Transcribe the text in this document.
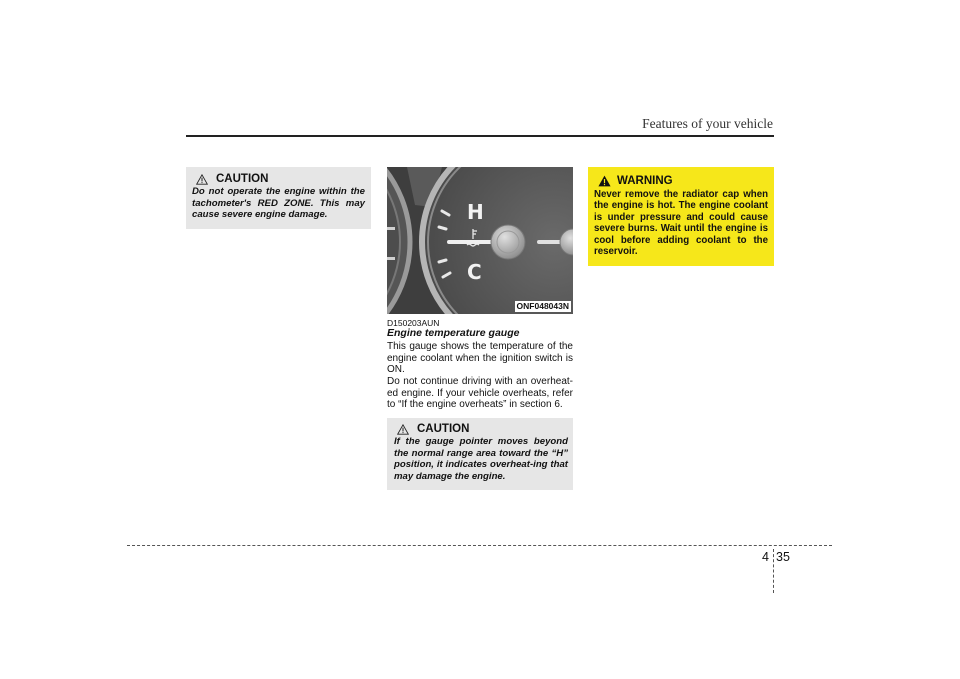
Features of your vehicle
CAUTION
Do not operate the engine within the tachometer's RED ZONE. This may cause severe engine damage.	H
C
ONF048043N
D150203AUN
Engine temperature gauge
This gauge shows the temperature of the engine coolant when the ignition switch is ON.
Do not continue driving with an overheat-ed engine. If your vehicle overheats, refer to “If the engine overheats” in section 6.
CAUTION
If the gauge pointer moves beyond the normal range area toward the “H” position, it indicates overheat-ing that may damage the engine.
WARNING
Never remove the radiator cap when the engine is hot. The engine coolant is under pressure and could cause severe burns. Wait until the engine is cool before adding coolant to the reservoir.
4 35
